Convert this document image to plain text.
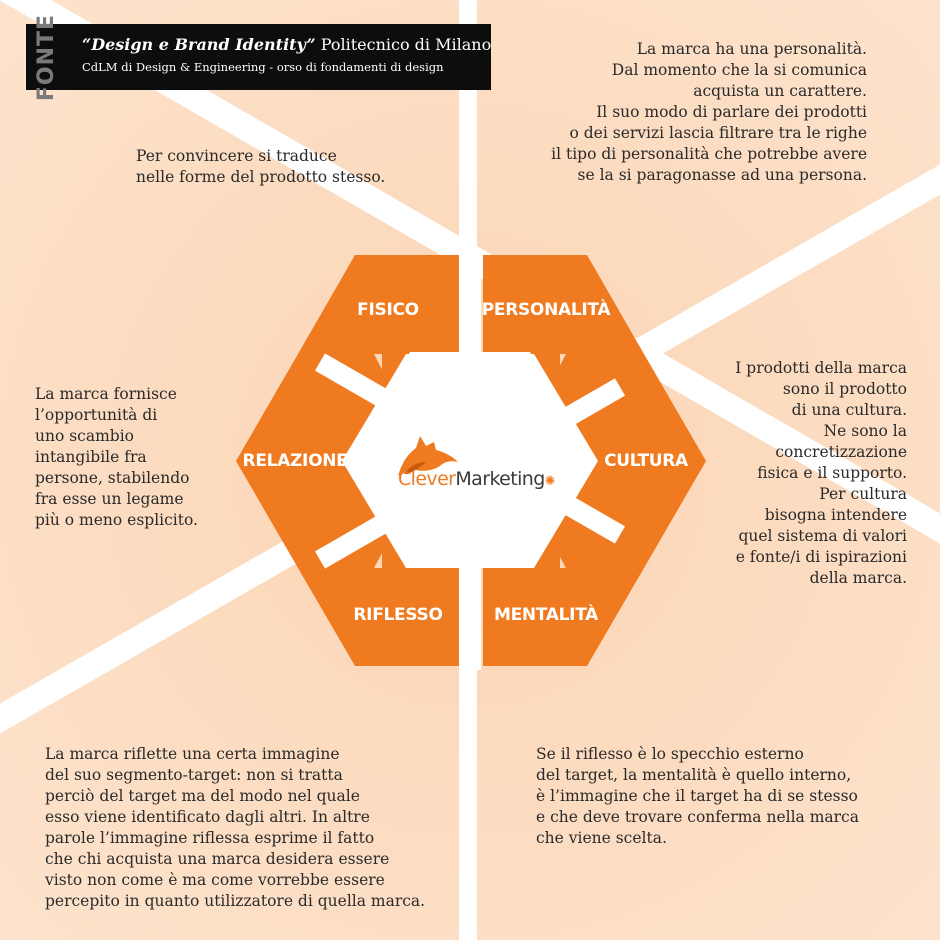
FISICO	PERSONALITÀ
CULTURA
MENTALITÀ
RIFLESSO
RELAZIONE
FONTE “Design e Brand Identity” Politecnico di Milano
CdLM di Design & Engineering - orso di fondamenti di design
CleverMarketing✺
Per convincere si traduce
nelle forme del prodotto stesso.
La marca ha una personalità.
Dal momento che la si comunica
acquista un carattere.
Il suo modo di parlare dei prodotti
o dei servizi lascia filtrare tra le righe
il tipo di personalità che potrebbe avere
se la si paragonasse ad una persona.
I prodotti della marca
sono il prodotto
di una cultura.
Ne sono la
concretizzazione
fisica e il supporto.
Per cultura
bisogna intendere
quel sistema di valori
e fonte/i di ispirazioni
della marca.
La marca fornisce
l’opportunità di
uno scambio
intangibile fra
persone, stabilendo
fra esse un legame
più o meno esplicito.
La marca riflette una certa immagine
del suo segmento-target: non si tratta
perciò del target ma del modo nel quale
esso viene identificato dagli altri. In altre
parole l’immagine riflessa esprime il fatto
che chi acquista una marca desidera essere
visto non come è ma come vorrebbe essere
percepito in quanto utilizzatore di quella marca.
Se il riflesso è lo specchio esterno
del target, la mentalità è quello interno,
è l’immagine che il target ha di se stesso
e che deve trovare conferma nella marca
che viene scelta.
